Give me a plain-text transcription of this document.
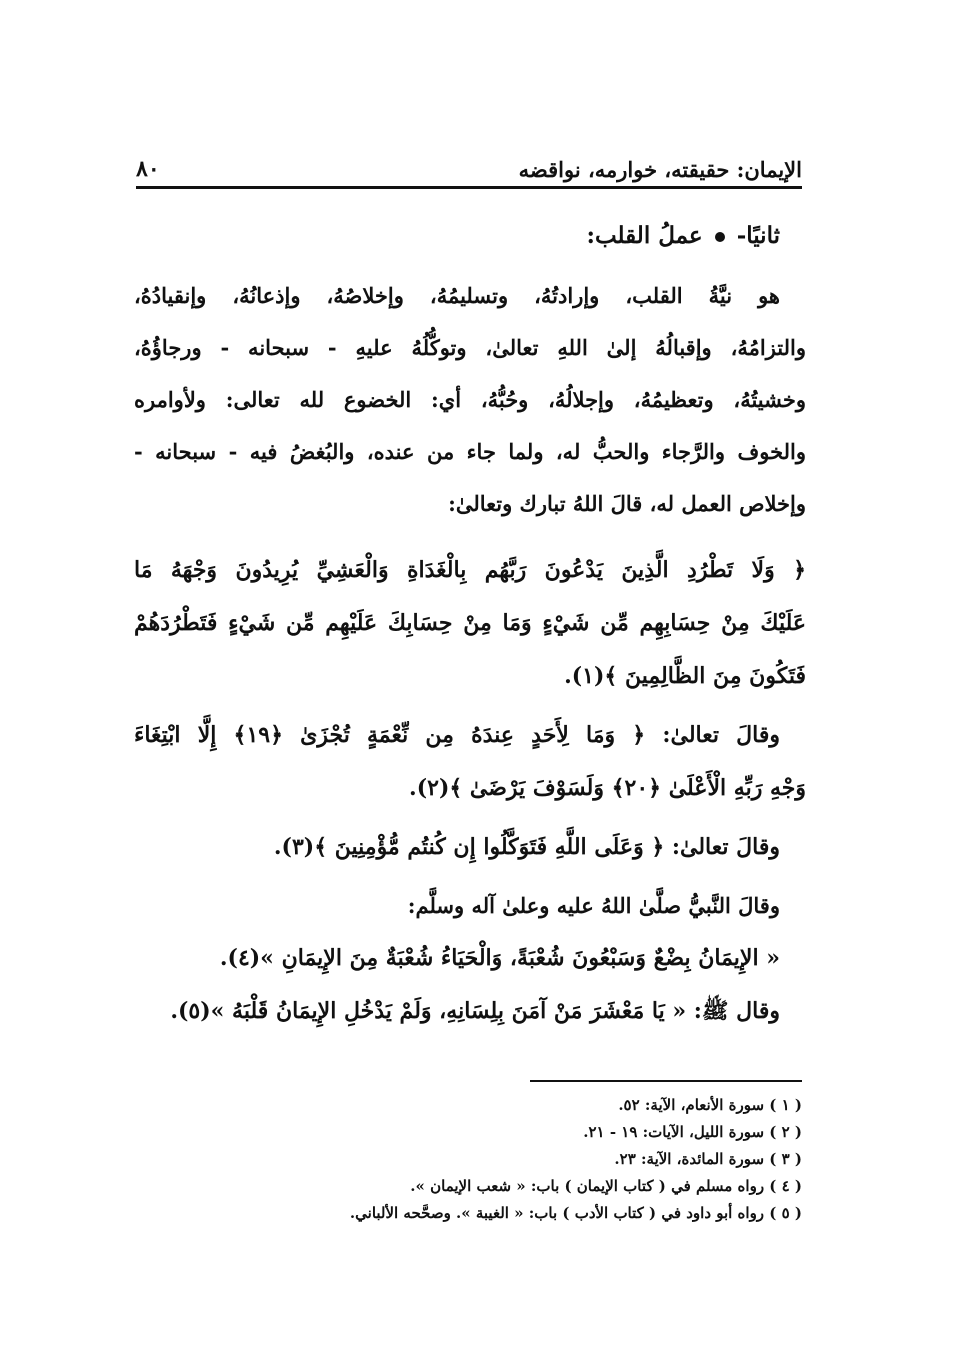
الإيمان: حقيقته، خوارمه، نواقضه
٨٠

ثانيًا-  عملُ القلب:

هو نيَّةُ القلب، وإرادتُهُ، وتسليمُهُ، وإخلاصُهُ، وإذعانُهُ، وإنقيادُهُ،

والتزامُهُ، وإقبالُهُ إلىٰ اللهِ تعالىٰ، وتوكُّلُهُ عليهِ - سبحانه - ورجاؤُهُ،

وخشيتُهُ، وتعظيمُهُ، وإجلالُهُ، وحُبُّهُ، أي: الخضوع لله تعالى: ولأوامره

والخوف والرَّجاء والحبُّ له، ولما جاء من عنده، والبُغضُ فيه - سبحانه -

وإخلاص العمل له، قالَ اللهُ تبارك وتعالىٰ:

﴿ وَلَا تَطْرُدِ الَّذِينَ يَدْعُونَ رَبَّهُم بِالْغَدَاةِ وَالْعَشِيِّ يُرِيدُونَ وَجْهَهُ مَا

عَلَيْكَ مِنْ حِسَابِهِم مِّن شَيْءٍ وَمَا مِنْ حِسَابِكَ عَلَيْهِم مِّن شَيْءٍ فَتَطْرُدَهُمْ

فَتَكُونَ مِنَ الظَّالِمِينَ ﴾(١).

وقالَ تعالىٰ: ﴿ وَمَا لِأَحَدٍ عِندَهُ مِن نِّعْمَةٍ تُجْزَىٰ ﴿١٩﴾ إِلَّا ابْتِغَاءَ

وَجْهِ رَبِّهِ الْأَعْلَىٰ ﴿٢٠﴾ وَلَسَوْفَ يَرْضَىٰ ﴾(٢).

وقالَ تعالىٰ: ﴿ وَعَلَى اللَّهِ فَتَوَكَّلُوا إِن كُنتُم مُّؤْمِنِينَ ﴾(٣).

وقالَ النَّبيُّ صلَّىٰ اللهُ عليه وعلىٰ آله وسلَّم:

« الإِيمَانُ بِضْعٌ وَسَبْعُونَ شُعْبَةً، وَالْحَيَاءُ شُعْبَةٌ مِنَ الإِيمَانِ »(٤).

وقال ﷺ: « يَا مَعْشَرَ مَنْ آمَنَ بِلِسَانِهِ، وَلَمْ يَدْخُلِ الإِيمَانُ قَلْبَهُ »(٥).

( ١ ) سورة الأنعام، الآية: ٥٢.

( ٢ ) سورة الليل، الآيات: ١٩ - ٢١.

( ٣ ) سورة المائدة، الآية: ٢٣.

( ٤ ) رواه مسلم في ( كتاب الإيمان ) باب: « شعب الإيمان ».

( ٥ ) رواه أبو داود في ( كتاب الأدب ) باب: « الغيبة ». وصحَّحه الألباني.
